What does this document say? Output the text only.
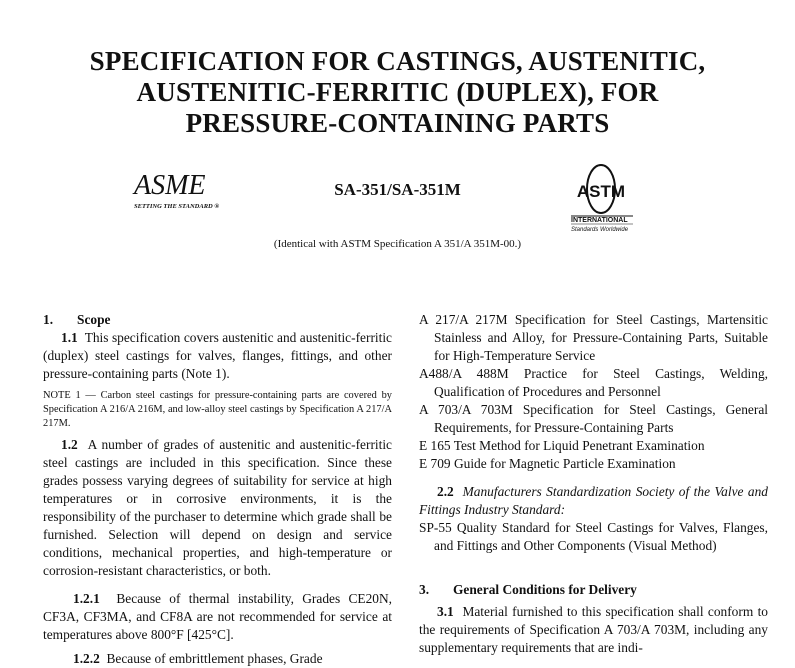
SPECIFICATION FOR CASTINGS, AUSTENITIC,
AUSTENITIC-FERRITIC (DUPLEX), FOR
PRESSURE-CONTAINING PARTS
ASME
SETTING THE STANDARD ®
SA-351/SA-351M	ASTM
INTERNATIONAL
Standards Worldwide
(Identical with ASTM Specification A 351/A 351M-00.)

1.	Scope

1.1 This specification covers austenitic and austenitic-ferritic (duplex) steel castings for valves, flanges, fittings, and other pressure-containing parts (Note 1).

NOTE 1 — Carbon steel castings for pressure-containing parts are covered by Specification A 216/A 216M, and low-alloy steel castings by Specification A 217/A 217M.

1.2 A number of grades of austenitic and austenitic-ferritic steel castings are included in this specification. Since these grades possess varying degrees of suitability for service at high temperatures or in corrosive environments, it is the responsibility of the purchaser to determine which grade shall be furnished. Selection will depend on design and service conditions, mechanical properties, and high-temperature or corrosion-resistant characteristics, or both.

1.2.1 Because of thermal instability, Grades CE20N, CF3A, CF3MA, and CF8A are not recommended for service at temperatures above 800°F [425°C].

1.2.2 Because of embrittlement phases, Grade

A 217/A 217M Specification for Steel Castings, Martensitic Stainless and Alloy, for Pressure-Containing Parts, Suitable for High-Temperature Service

A488/A 488M Practice for Steel Castings, Welding, Qualification of Procedures and Personnel

A 703/A 703M Specification for Steel Castings, General Requirements, for Pressure-Containing Parts

E 165 Test Method for Liquid Penetrant Examination

E 709 Guide for Magnetic Particle Examination

2.2 Manufacturers Standardization Society of the Valve and Fittings Industry Standard:

SP-55 Quality Standard for Steel Castings for Valves, Flanges, and Fittings and Other Components (Visual Method)

3.	General Conditions for Delivery

3.1 Material furnished to this specification shall conform to the requirements of Specification A 703/A 703M, including any supplementary requirements that are indi-
